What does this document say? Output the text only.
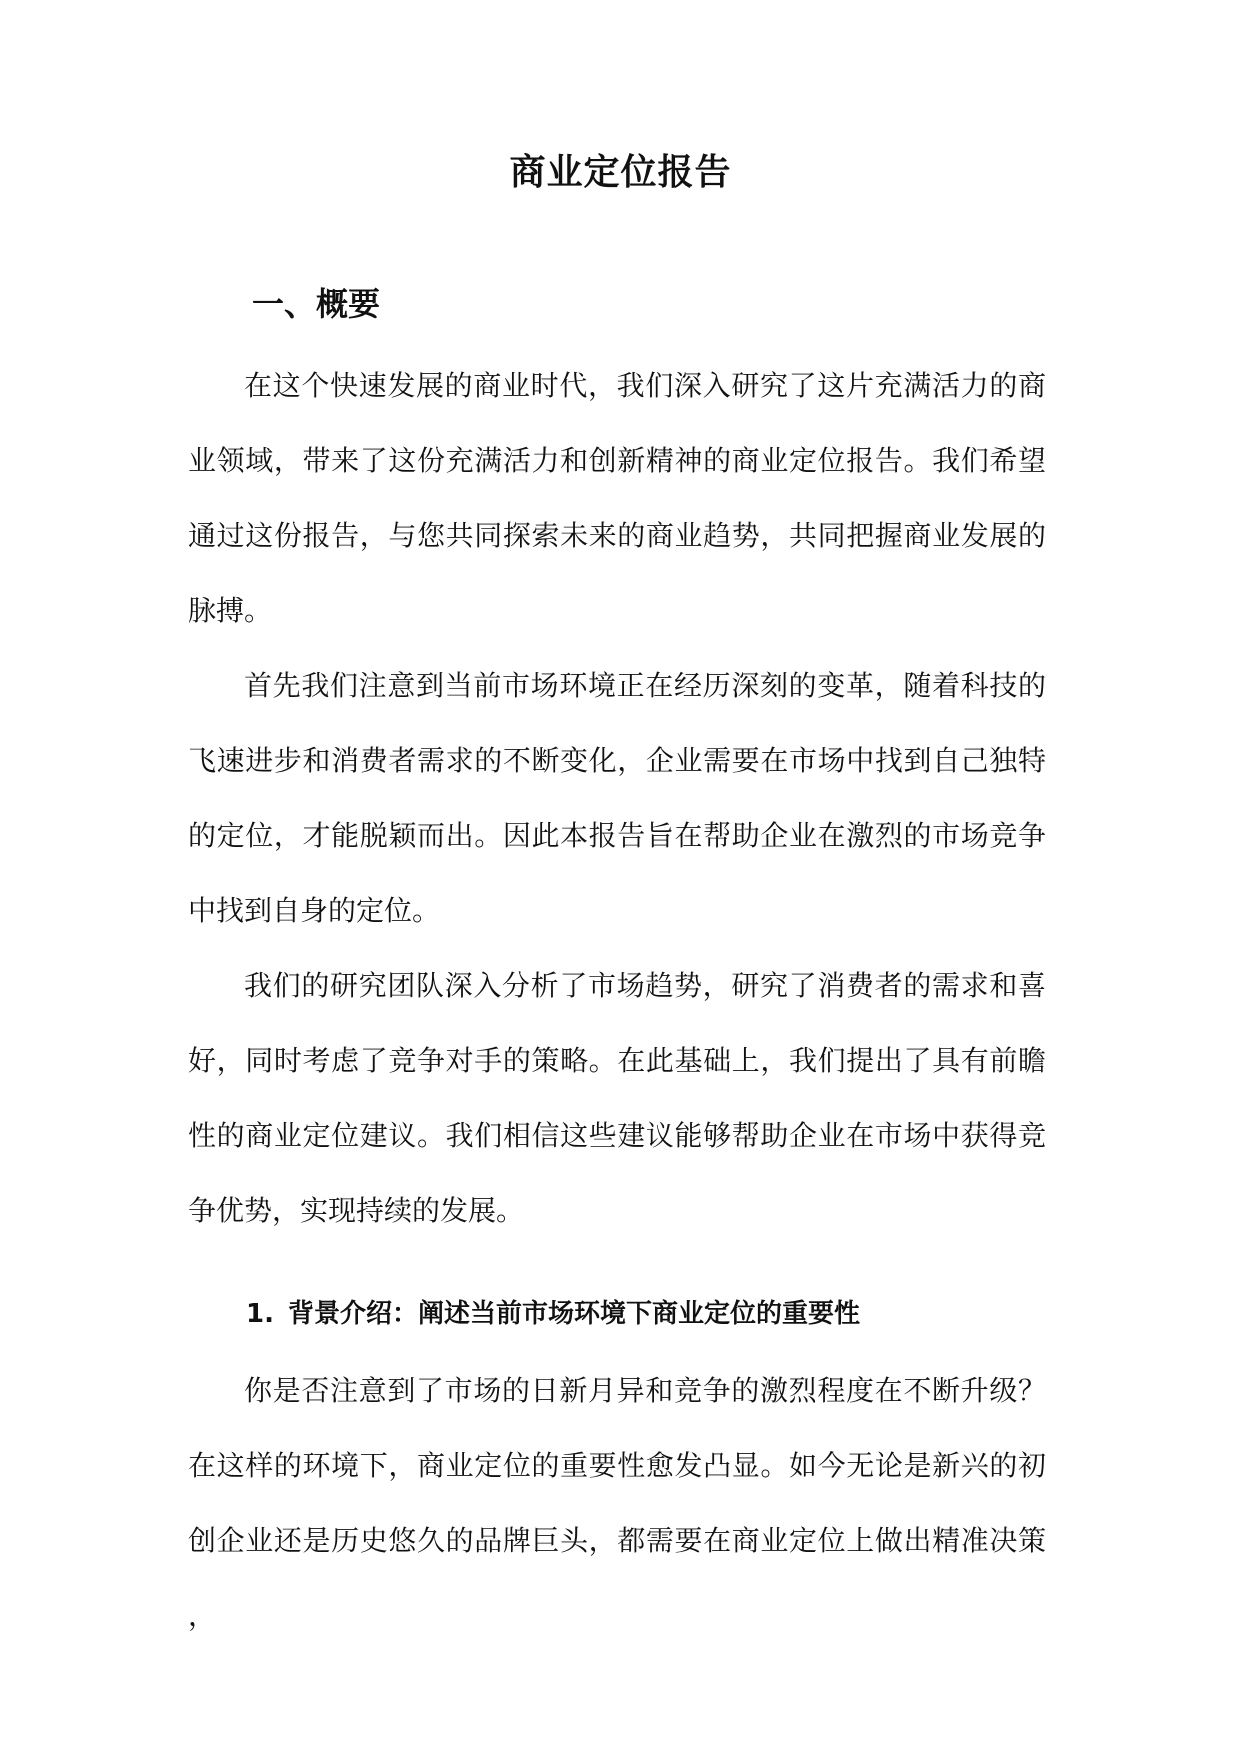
商业定位报告
一、概要

在这个快速发展的商业时代，我们深入研究了这片充满活力的商业领域，带来了这份充满活力和创新精神的商业定位报告。我们希望通过这份报告，与您共同探索未来的商业趋势，共同把握商业发展的脉搏。

首先我们注意到当前市场环境正在经历深刻的变革，随着科技的飞速进步和消费者需求的不断变化，企业需要在市场中找到自己独特的定位，才能脱颖而出。因此本报告旨在帮助企业在激烈的市场竞争中找到自身的定位。

我们的研究团队深入分析了市场趋势，研究了消费者的需求和喜好，同时考虑了竞争对手的策略。在此基础上，我们提出了具有前瞻性的商业定位建议。我们相信这些建议能够帮助企业在市场中获得竞争优势，实现持续的发展。

1. 背景介绍：阐述当前市场环境下商业定位的重要性

你是否注意到了市场的日新月异和竞争的激烈程度在不断升级？在这样的环境下，商业定位的重要性愈发凸显。如今无论是新兴的初创企业还是历史悠久的品牌巨头，都需要在商业定位上做出精准决策，
